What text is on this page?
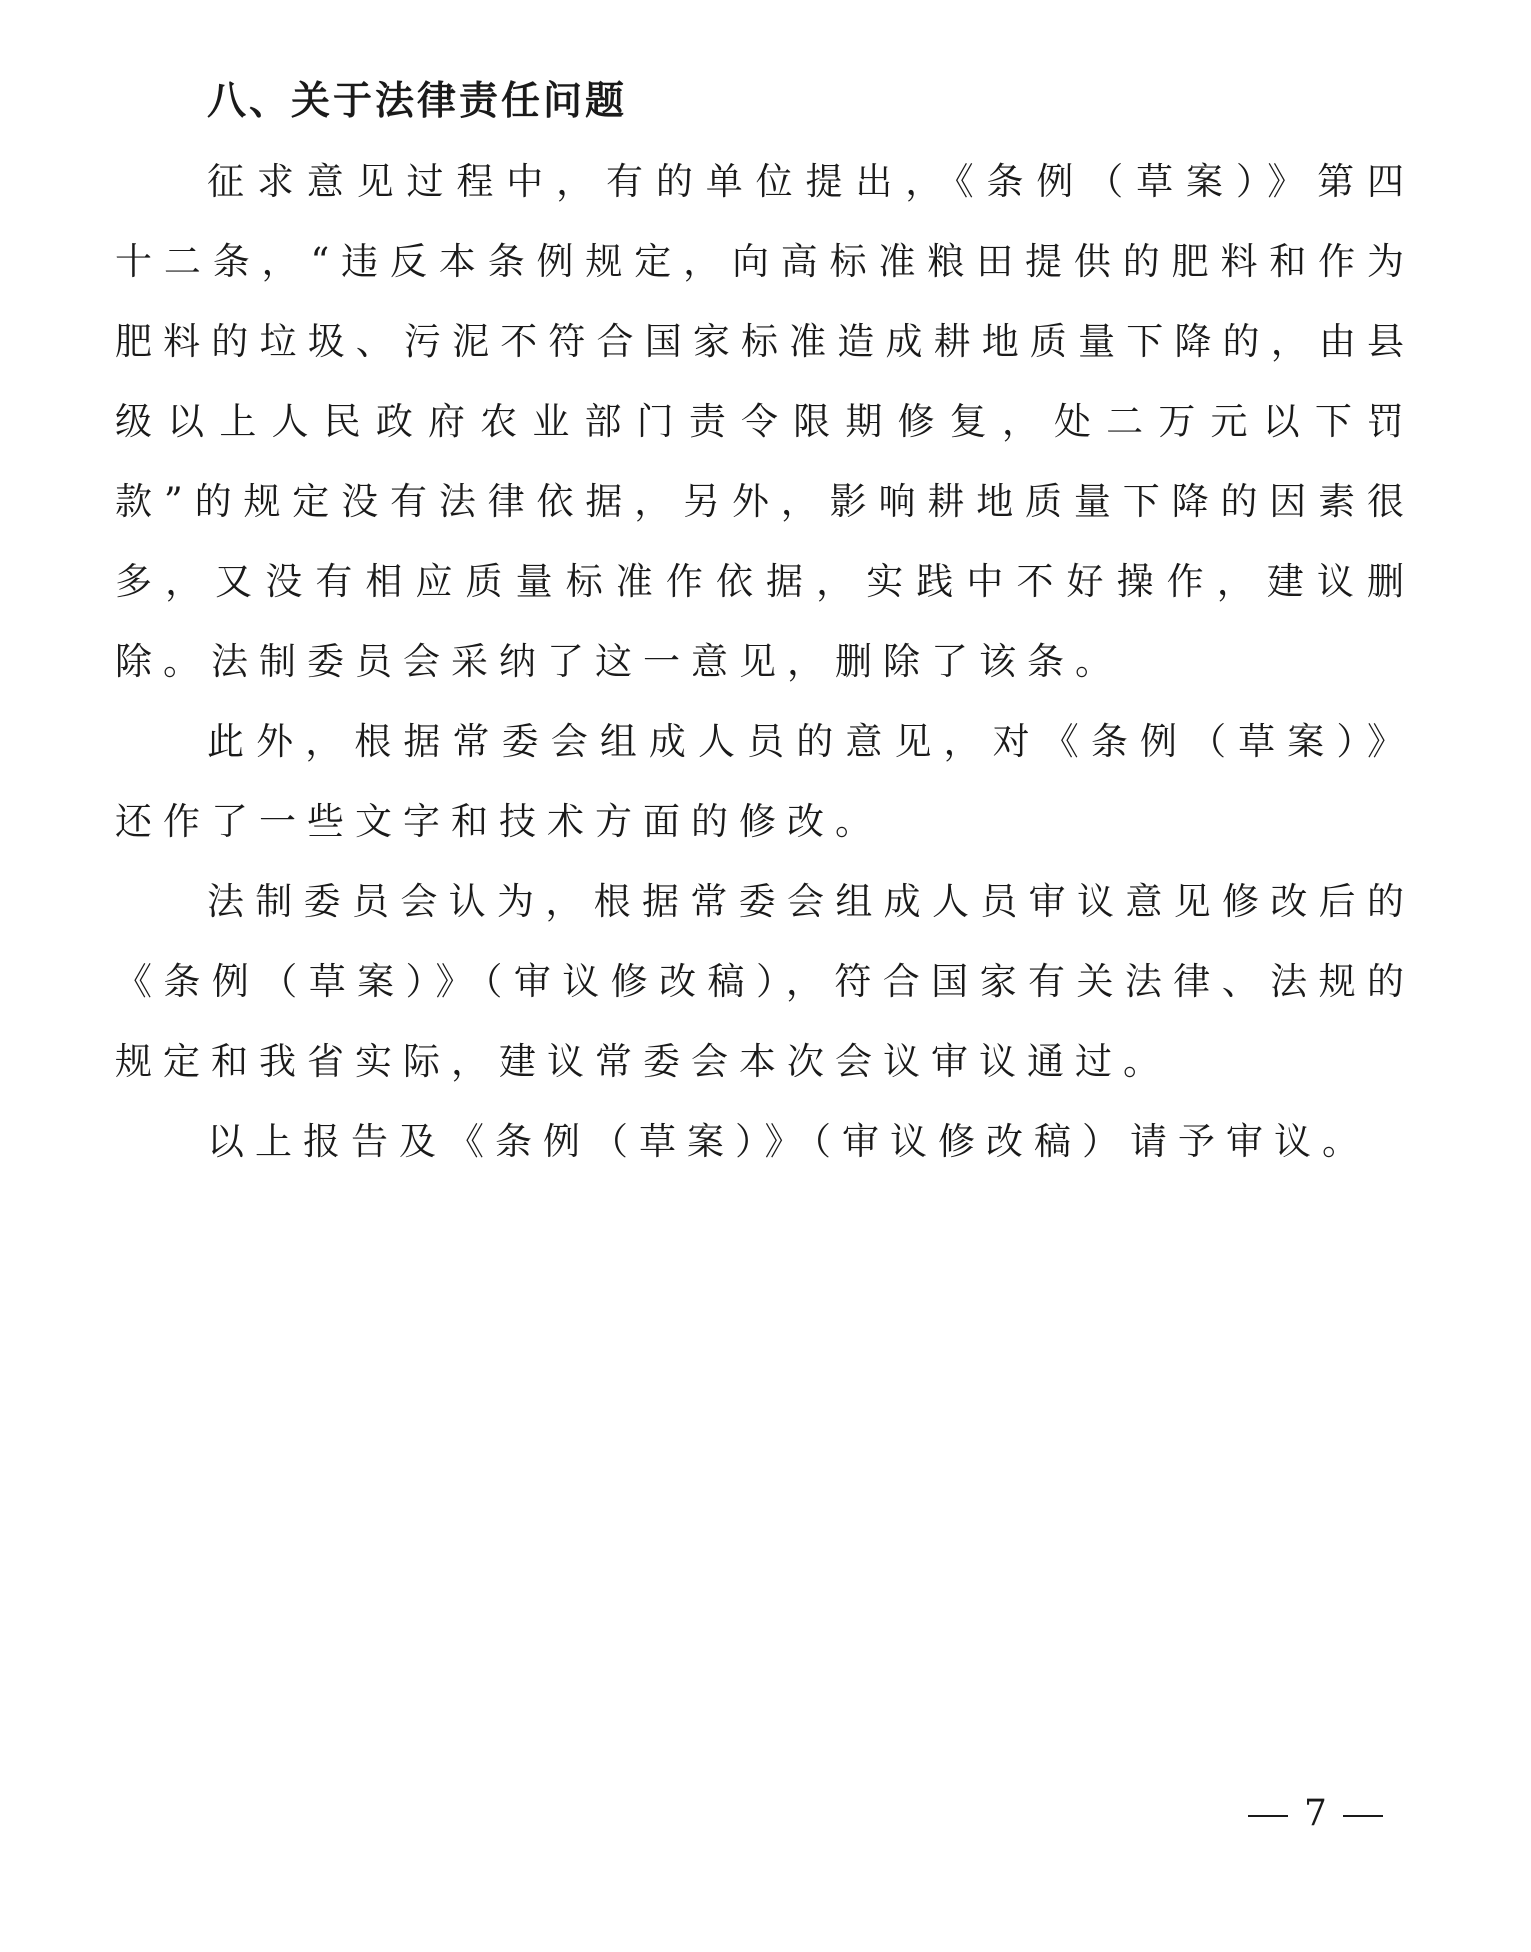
八、关于法律责任问题

征求意见过程中，有的单位提出，《条例（草案）》第四十二条，“违反本条例规定，向高标准粮田提供的肥料和作为肥料的垃圾、污泥不符合国家标准造成耕地质量下降的，由县级以上人民政府农业部门责令限期修复，处二万元以下罚款”的规定没有法律依据，另外，影响耕地质量下降的因素很多，又没有相应质量标准作依据，实践中不好操作，建议删除。法制委员会采纳了这一意见，删除了该条。

此外，根据常委会组成人员的意见，对《条例（草案）》还作了一些文字和技术方面的修改。

法制委员会认为，根据常委会组成人员审议意见修改后的《条例（草案）》（审议修改稿），符合国家有关法律、法规的规定和我省实际，建议常委会本次会议审议通过。

以上报告及《条例（草案）》（审议修改稿）请予审议。

7
